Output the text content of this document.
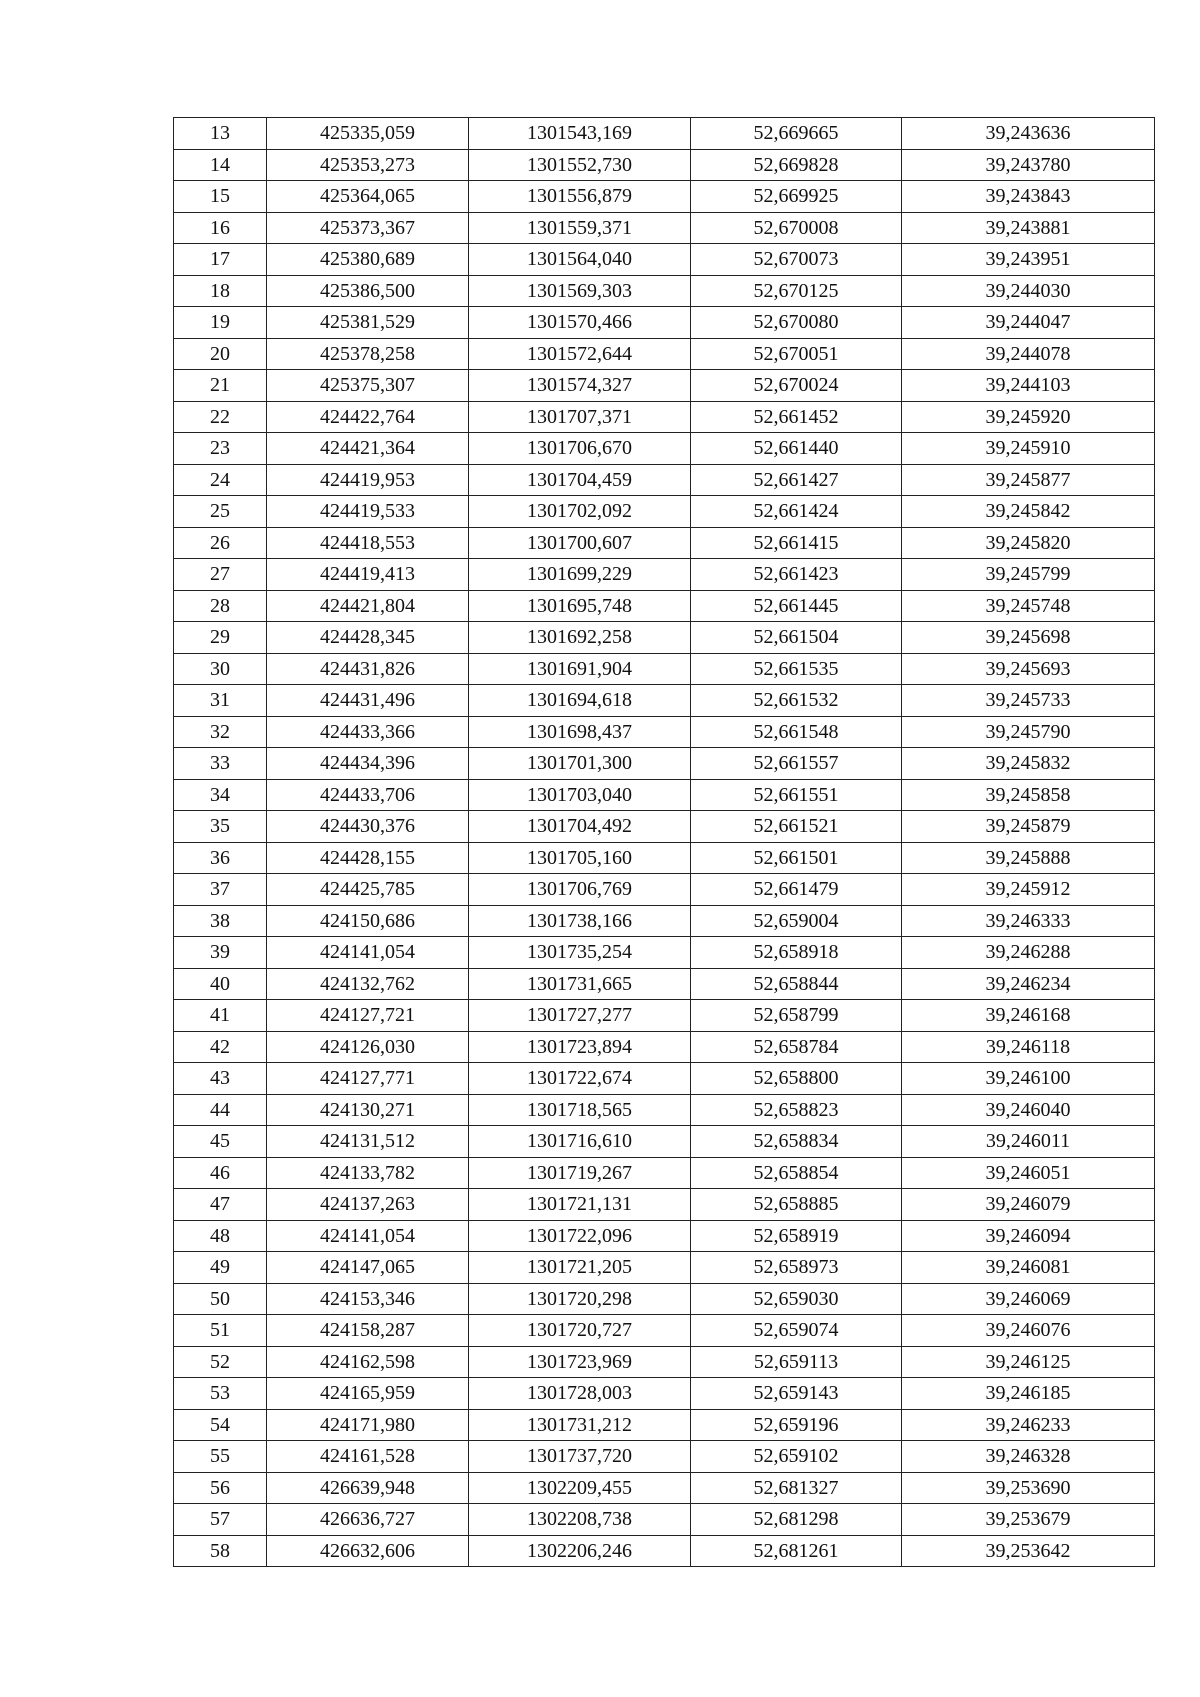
13	425335,059	1301543,169	52,669665	39,243636
14	425353,273	1301552,730	52,669828	39,243780
15	425364,065	1301556,879	52,669925	39,243843
16	425373,367	1301559,371	52,670008	39,243881
17	425380,689	1301564,040	52,670073	39,243951
18	425386,500	1301569,303	52,670125	39,244030
19	425381,529	1301570,466	52,670080	39,244047
20	425378,258	1301572,644	52,670051	39,244078
21	425375,307	1301574,327	52,670024	39,244103
22	424422,764	1301707,371	52,661452	39,245920
23	424421,364	1301706,670	52,661440	39,245910
24	424419,953	1301704,459	52,661427	39,245877
25	424419,533	1301702,092	52,661424	39,245842
26	424418,553	1301700,607	52,661415	39,245820
27	424419,413	1301699,229	52,661423	39,245799
28	424421,804	1301695,748	52,661445	39,245748
29	424428,345	1301692,258	52,661504	39,245698
30	424431,826	1301691,904	52,661535	39,245693
31	424431,496	1301694,618	52,661532	39,245733
32	424433,366	1301698,437	52,661548	39,245790
33	424434,396	1301701,300	52,661557	39,245832
34	424433,706	1301703,040	52,661551	39,245858
35	424430,376	1301704,492	52,661521	39,245879
36	424428,155	1301705,160	52,661501	39,245888
37	424425,785	1301706,769	52,661479	39,245912
38	424150,686	1301738,166	52,659004	39,246333
39	424141,054	1301735,254	52,658918	39,246288
40	424132,762	1301731,665	52,658844	39,246234
41	424127,721	1301727,277	52,658799	39,246168
42	424126,030	1301723,894	52,658784	39,246118
43	424127,771	1301722,674	52,658800	39,246100
44	424130,271	1301718,565	52,658823	39,246040
45	424131,512	1301716,610	52,658834	39,246011
46	424133,782	1301719,267	52,658854	39,246051
47	424137,263	1301721,131	52,658885	39,246079
48	424141,054	1301722,096	52,658919	39,246094
49	424147,065	1301721,205	52,658973	39,246081
50	424153,346	1301720,298	52,659030	39,246069
51	424158,287	1301720,727	52,659074	39,246076
52	424162,598	1301723,969	52,659113	39,246125
53	424165,959	1301728,003	52,659143	39,246185
54	424171,980	1301731,212	52,659196	39,246233
55	424161,528	1301737,720	52,659102	39,246328
56	426639,948	1302209,455	52,681327	39,253690
57	426636,727	1302208,738	52,681298	39,253679
58	426632,606	1302206,246	52,681261	39,253642
